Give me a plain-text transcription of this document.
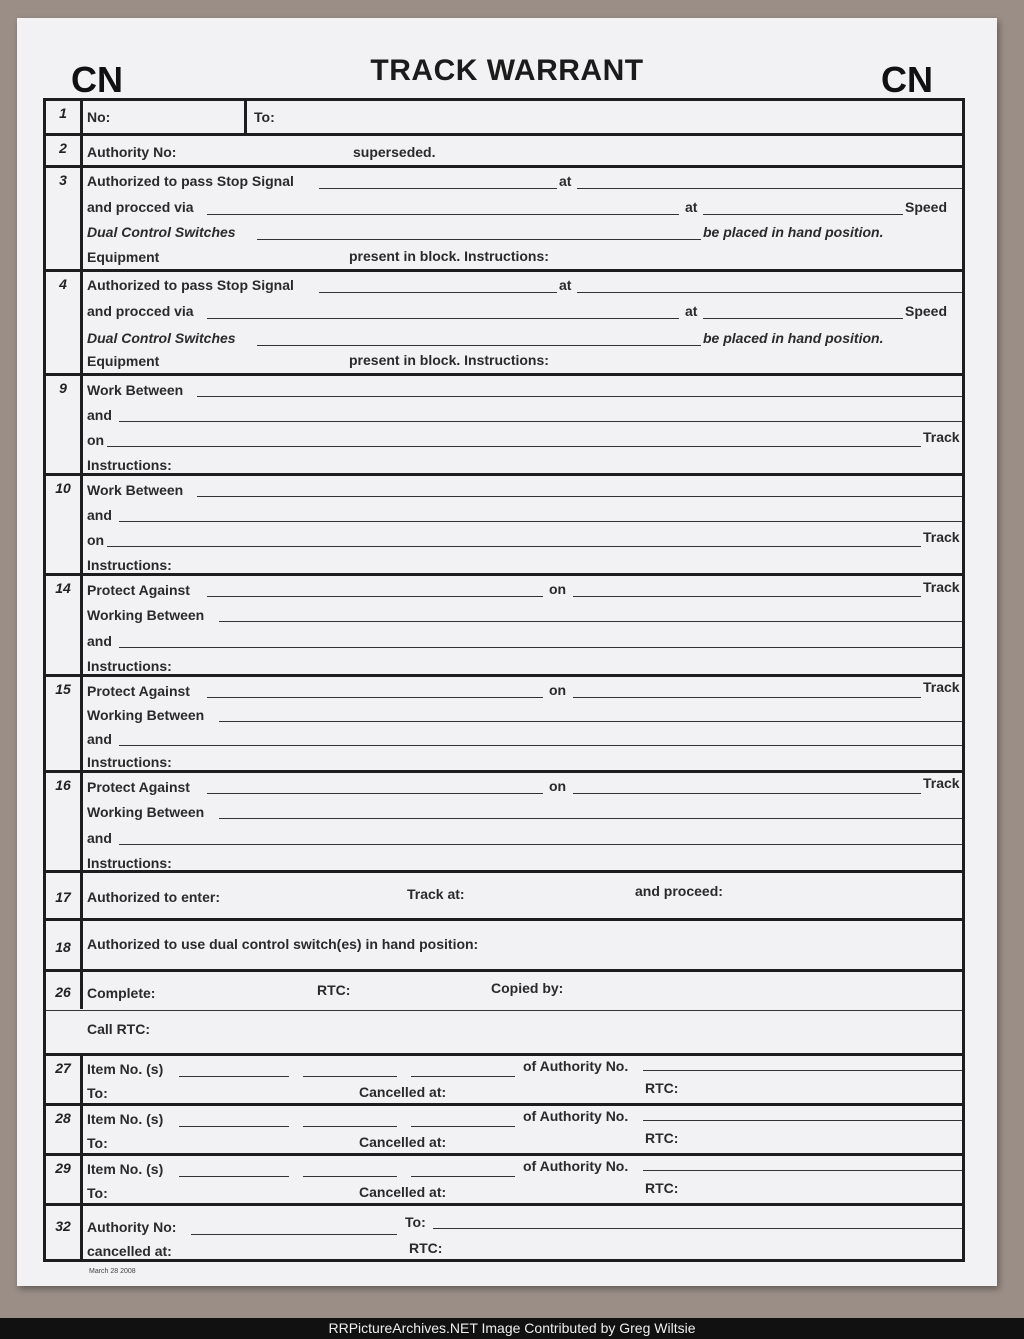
CN	TRACK WARRANT	CN
1	No:	To:
2	Authority No:	superseded.
3	Authorized to pass Stop Signal	at
and procced via	at	Speed
Dual Control Switches	be placed in hand position.
Equipment	present in block. Instructions:
4	Authorized to pass Stop Signal	at
and procced via	at	Speed
Dual Control Switches	be placed in hand position.
Equipment	present in block. Instructions:
9	Work Between
and
on	Track
Instructions:
10	Work Between
and
on	Track
Instructions:
14	Protect Against	on	Track
Working Between
and
Instructions:
15	Protect Against	on	Track
Working Between
and
Instructions:
16	Protect Against	on	Track
Working Between
and
Instructions:
17	Authorized to enter:	Track at:	and proceed:
18	Authorized to use dual control switch(es) in hand position:
26	Complete:	RTC:	Copied by:
Call RTC:
27	Item No. (s)	of Authority No.
To:	Cancelled at:	RTC:
28	Item No. (s)	of Authority No.
To:	Cancelled at:	RTC:
29	Item No. (s)	of Authority No.
To:	Cancelled at:	RTC:
32	Authority No:	To:
cancelled at:	RTC:
March 28 2008
RRPictureArchives.NET Image Contributed by Greg Wiltsie
